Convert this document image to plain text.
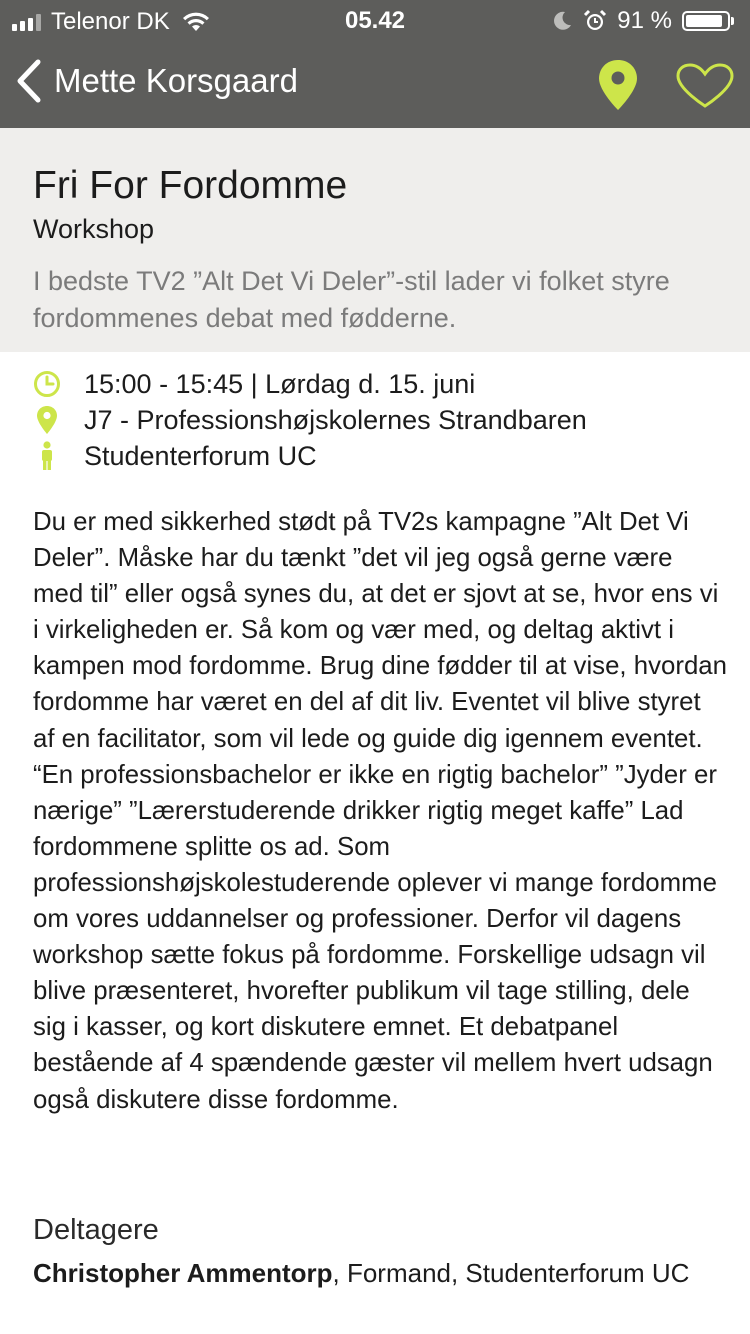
Telenor DK	05.42	91 %
Mette Korsgaard
Fri For Fordomme
Workshop
I bedste TV2 ”Alt Det Vi Deler”-stil lader vi folket styre fordommenes debat med fødderne.
15:00 - 15:45 | Lørdag d. 15. juni
J7 - Professionshøjskolernes Strandbaren
Studenterforum UC
Du er med sikkerhed stødt på TV2s kampagne ”Alt Det Vi Deler”. Måske har du tænkt ”det vil jeg også gerne være med til” eller også synes du, at det er sjovt at se, hvor ens vi i virkeligheden er. Så kom og vær med, og deltag aktivt i kampen mod fordomme. Brug dine fødder til at vise, hvordan fordomme har været en del af dit liv. Eventet vil blive styret af en facilitator, som vil lede og guide dig igennem eventet. “En professionsbachelor er ikke en rigtig bachelor” ”Jyder er nærige” ”Lærerstuderende drikker rigtig meget kaffe” Lad fordommene splitte os ad. Som professionshøjskolestuderende oplever vi mange fordomme om vores uddannelser og professioner. Derfor vil dagens workshop sætte fokus på fordomme. Forskellige udsagn vil blive præsenteret, hvorefter publikum vil tage stilling, dele sig i kasser, og kort diskutere emnet. Et debatpanel bestående af 4 spændende gæster vil mellem hvert udsagn også diskutere disse fordomme.
Deltagere
Christopher Ammentorp, Formand, Studenterforum UC
